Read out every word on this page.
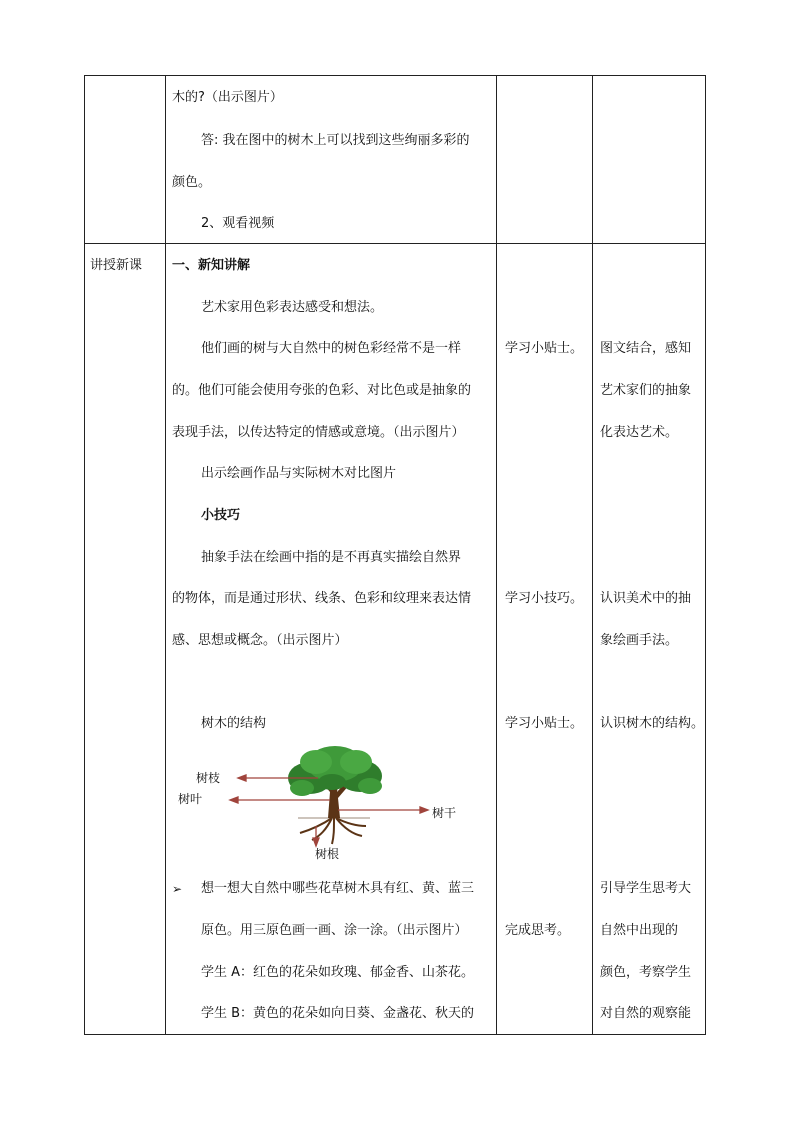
讲授新课
木的?（出示图片）
答: 我在图中的树木上可以找到这些绚丽多彩的
颜色。
2、观看视频
一、新知讲解
艺术家用色彩表达感受和想法。
他们画的树与大自然中的树色彩经常不是一样
的。他们可能会使用夸张的色彩、对比色或是抽象的
表现手法，以传达特定的情感或意境。（出示图片）
出示绘画作品与实际树木对比图片
小技巧
抽象手法在绘画中指的是不再真实描绘自然界
的物体，而是通过形状、线条、色彩和纹理来表达情
感、思想或概念。（出示图片）
树木的结构
树枝
树叶
树干
树根
➢ 想一想大自然中哪些花草树木具有红、黄、蓝三
原色。用三原色画一画、涂一涂。（出示图片）
学生 A：红色的花朵如玫瑰、郁金香、山茶花。
学生 B：黄色的花朵如向日葵、金盏花、秋天的
学习小贴士。
学习小技巧。
学习小贴士。
完成思考。
图文结合，感知
艺术家们的抽象
化表达艺术。
认识美术中的抽
象绘画手法。
认识树木的结构。
引导学生思考大
自然中出现的
颜色，考察学生
对自然的观察能
